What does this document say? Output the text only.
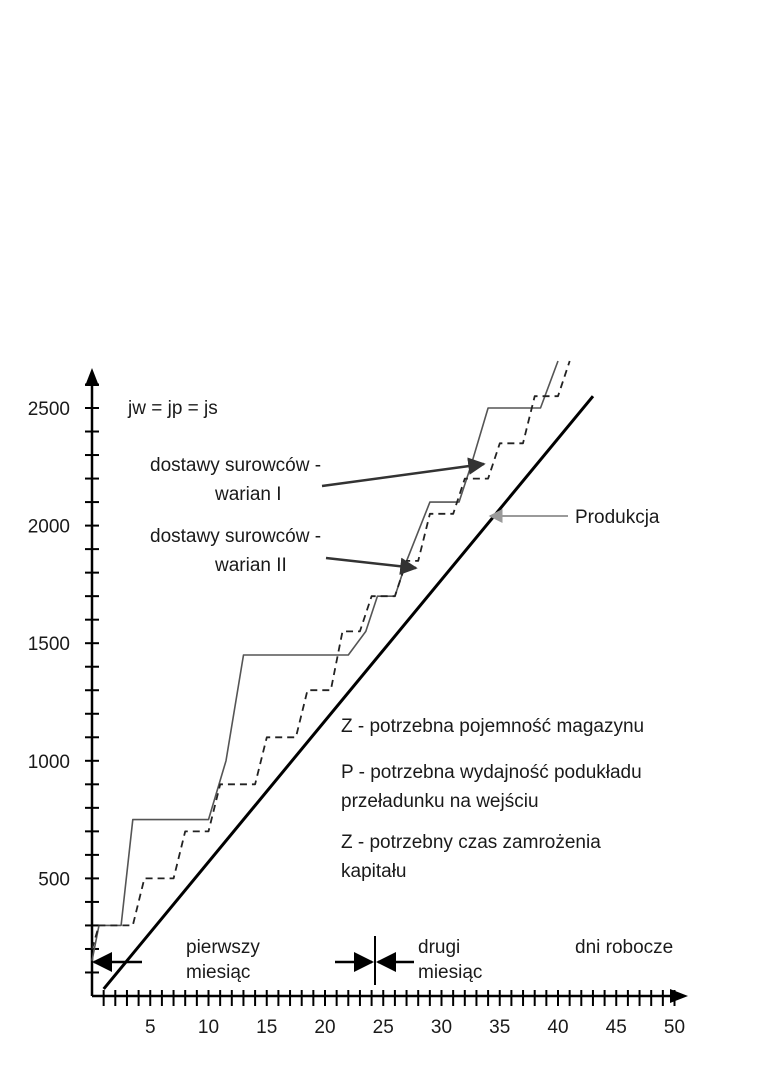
500
1000
1500
2000
2500
5 10 15 20 25 30 35 40 45 50
jw = jp = js
dostawy surowców -
warian I
dostawy surowców -
warian II
Produkcja
Z - potrzebna pojemność magazynu
P - potrzebna wydajność podukładu
przeładunku na wejściu
Z - potrzebny czas zamrożenia
kapitału
pierwszy
miesiąc
drugi
miesiąc
dni robocze
